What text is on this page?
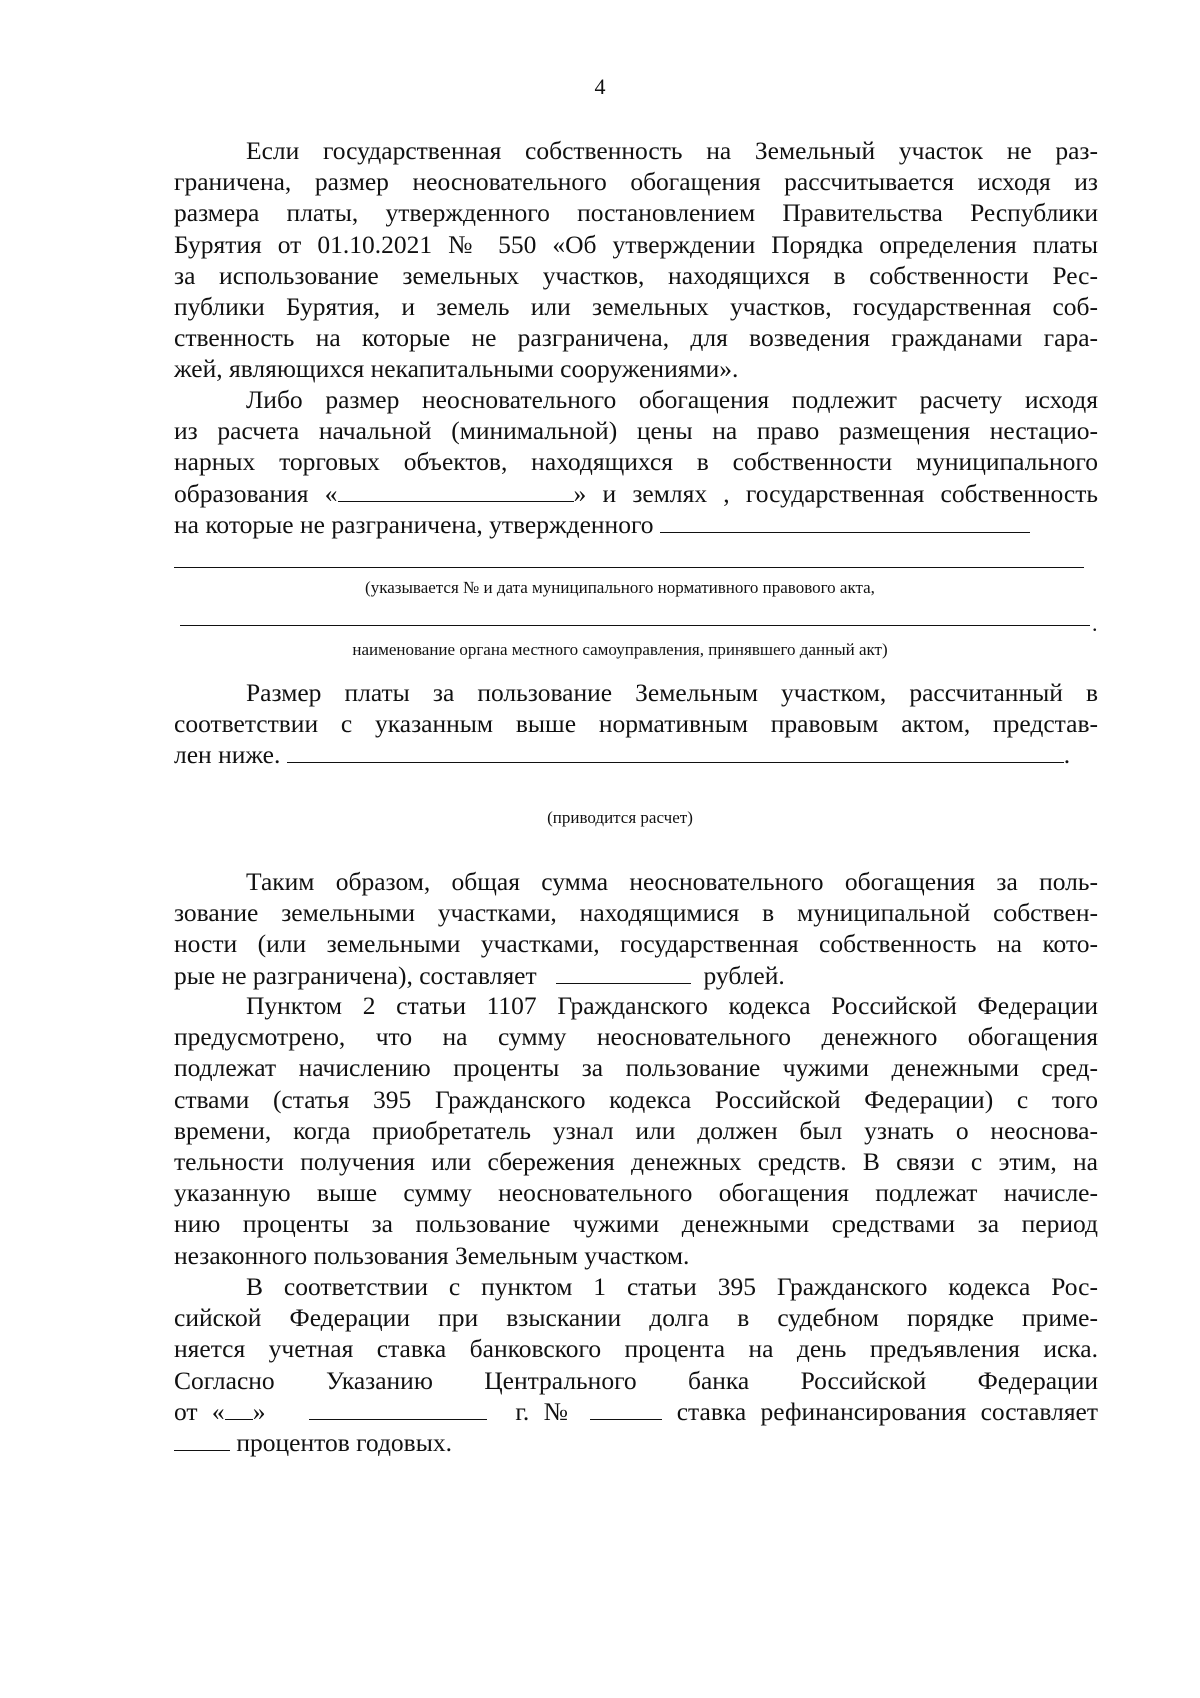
4
Если государственная собственность на Земельный участок не раз-
граничена, размер неосновательного обогащения рассчитывается исходя из
размера платы, утвержденного постановлением Правительства Республики
Бурятия от 01.10.2021 № 550 «Об утверждении Порядка определения платы
за использование земельных участков, находящихся в собственности Рес-
публики Бурятия, и земель или земельных участков, государственная соб-
ственность на которые не разграничена, для возведения гражданами гара-
жей, являющихся некапитальными сооружениями».
Либо размер неосновательного обогащения подлежит расчету исходя
из расчета начальной (минимальной) цены на право размещения нестацио-
нарных торговых объектов, находящихся в собственности муниципального
образования «	» и землях , государственная собственность
на которые не разграничена, утвержденного
(указывается № и дата муниципального нормативного правового акта,
.
наименование органа местного самоуправления, принявшего данный акт)
Размер платы за пользование Земельным участком, рассчитанный в
соответствии с указанным выше нормативным правовым актом, представ-
лен ниже.	.
(приводится расчет)
Таким образом, общая сумма неосновательного обогащения за поль-
зование земельными участками, находящимися в муниципальной собствен-
ности (или земельными участками, государственная собственность на кото-
рые не разграничена), составляет	рублей.
Пунктом 2 статьи 1107 Гражданского кодекса Российской Федерации
предусмотрено, что на сумму неосновательного денежного обогащения
подлежат начислению проценты за пользование чужими денежными сред-
ствами (статья 395 Гражданского кодекса Российской Федерации) с того
времени, когда приобретатель узнал или должен был узнать о неоснова-
тельности получения или сбережения денежных средств. В связи с этим, на
указанную выше сумму неосновательного обогащения подлежат начисле-
нию проценты за пользование чужими денежными средствами за период
незаконного пользования Земельным участком.
В соответствии с пунктом 1 статьи 395 Гражданского кодекса Рос-
сийской Федерации при взыскании долга в судебном порядке приме-
няется учетная ставка банковского процента на день предъявления иска.
Согласно Указанию Центрального банка Российской Федерации
от « »	г. №	ставка рефинансирования составляет
процентов годовых.
